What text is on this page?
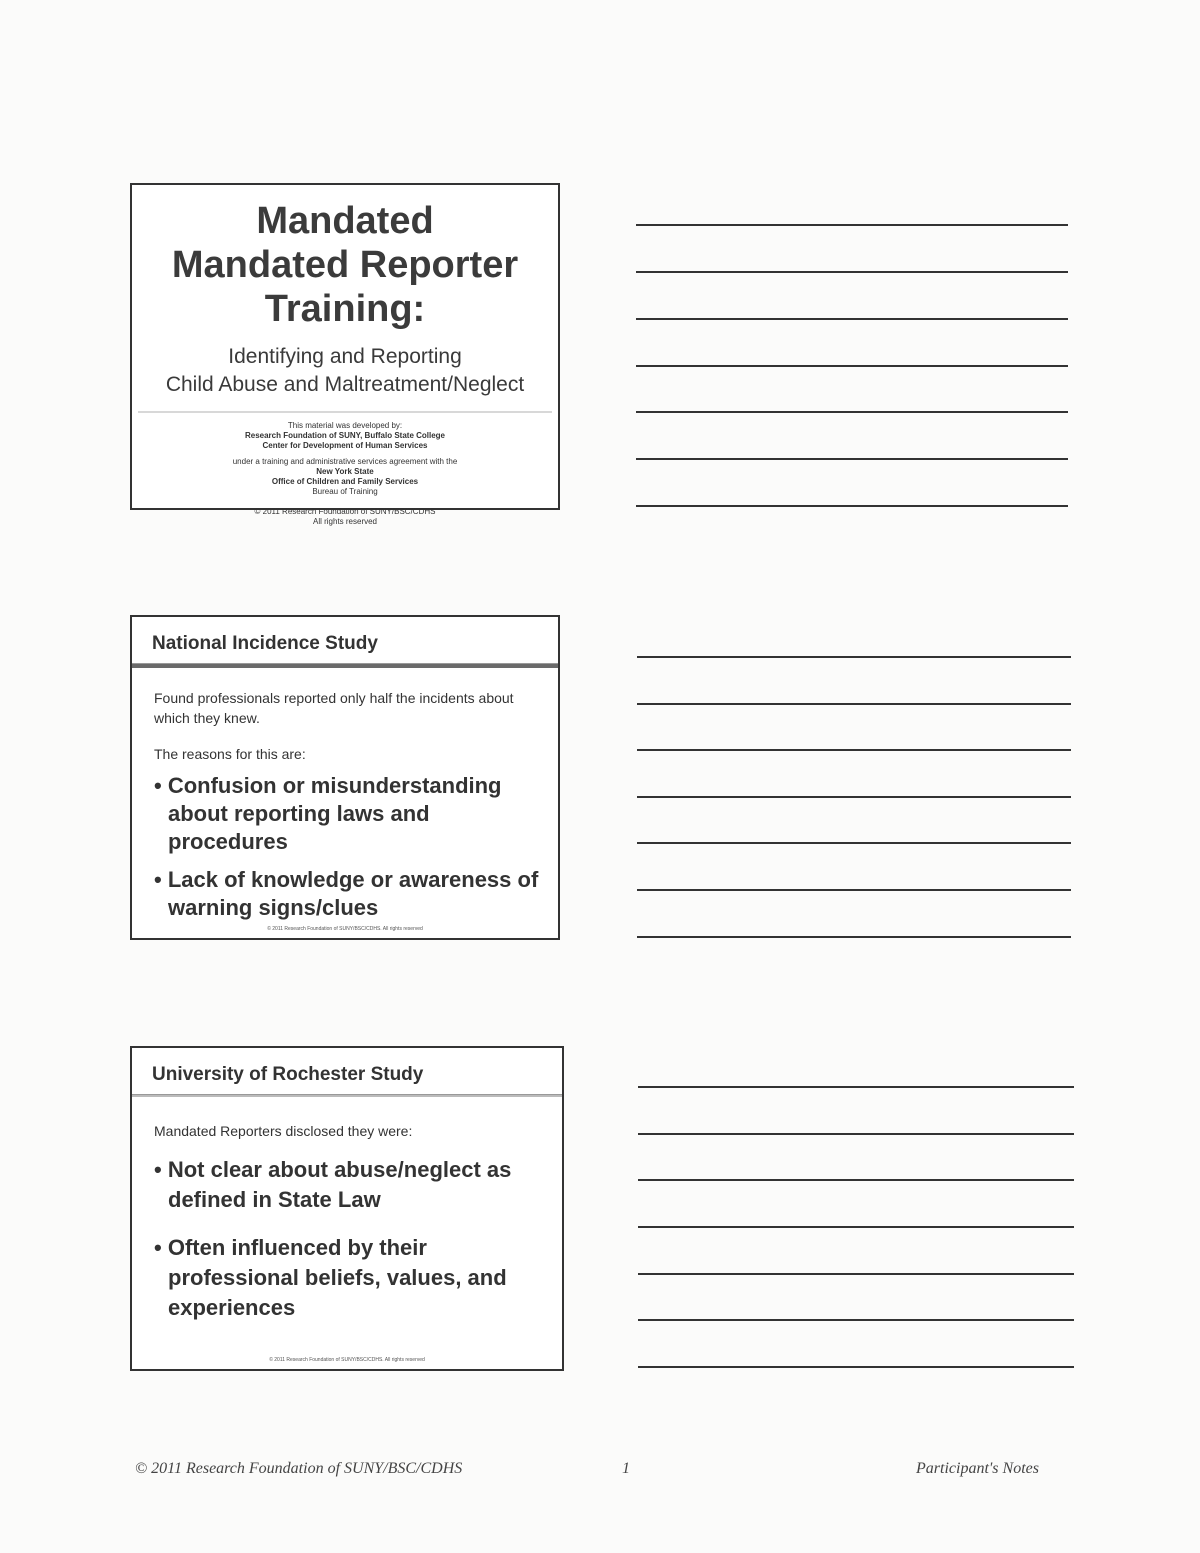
Mandated
Mandated Reporter Training:
Identifying and Reporting
Child Abuse and Maltreatment/Neglect
This material was developed by:
Research Foundation of SUNY, Buffalo State College
Center for Development of Human Services
under a training and administrative services agreement with the
New York State
Office of Children and Family Services
Bureau of Training
© 2011 Research Foundation of SUNY/BSC/CDHS
All rights reserved
National Incidence Study
Found professionals reported only half the incidents about which they knew.
The reasons for this are:
• Confusion or misunderstanding about reporting laws and procedures
• Lack of knowledge or awareness of warning signs/clues
© 2011 Research Foundation of SUNY/BSC/CDHS. All rights reserved
University of Rochester Study
Mandated Reporters disclosed they were:
• Not clear about abuse/neglect as defined in State Law
• Often influenced by their professional beliefs, values, and experiences
© 2011 Research Foundation of SUNY/BSC/CDHS. All rights reserved
© 2011 Research Foundation of SUNY/BSC/CDHS	1	Participant's Notes
